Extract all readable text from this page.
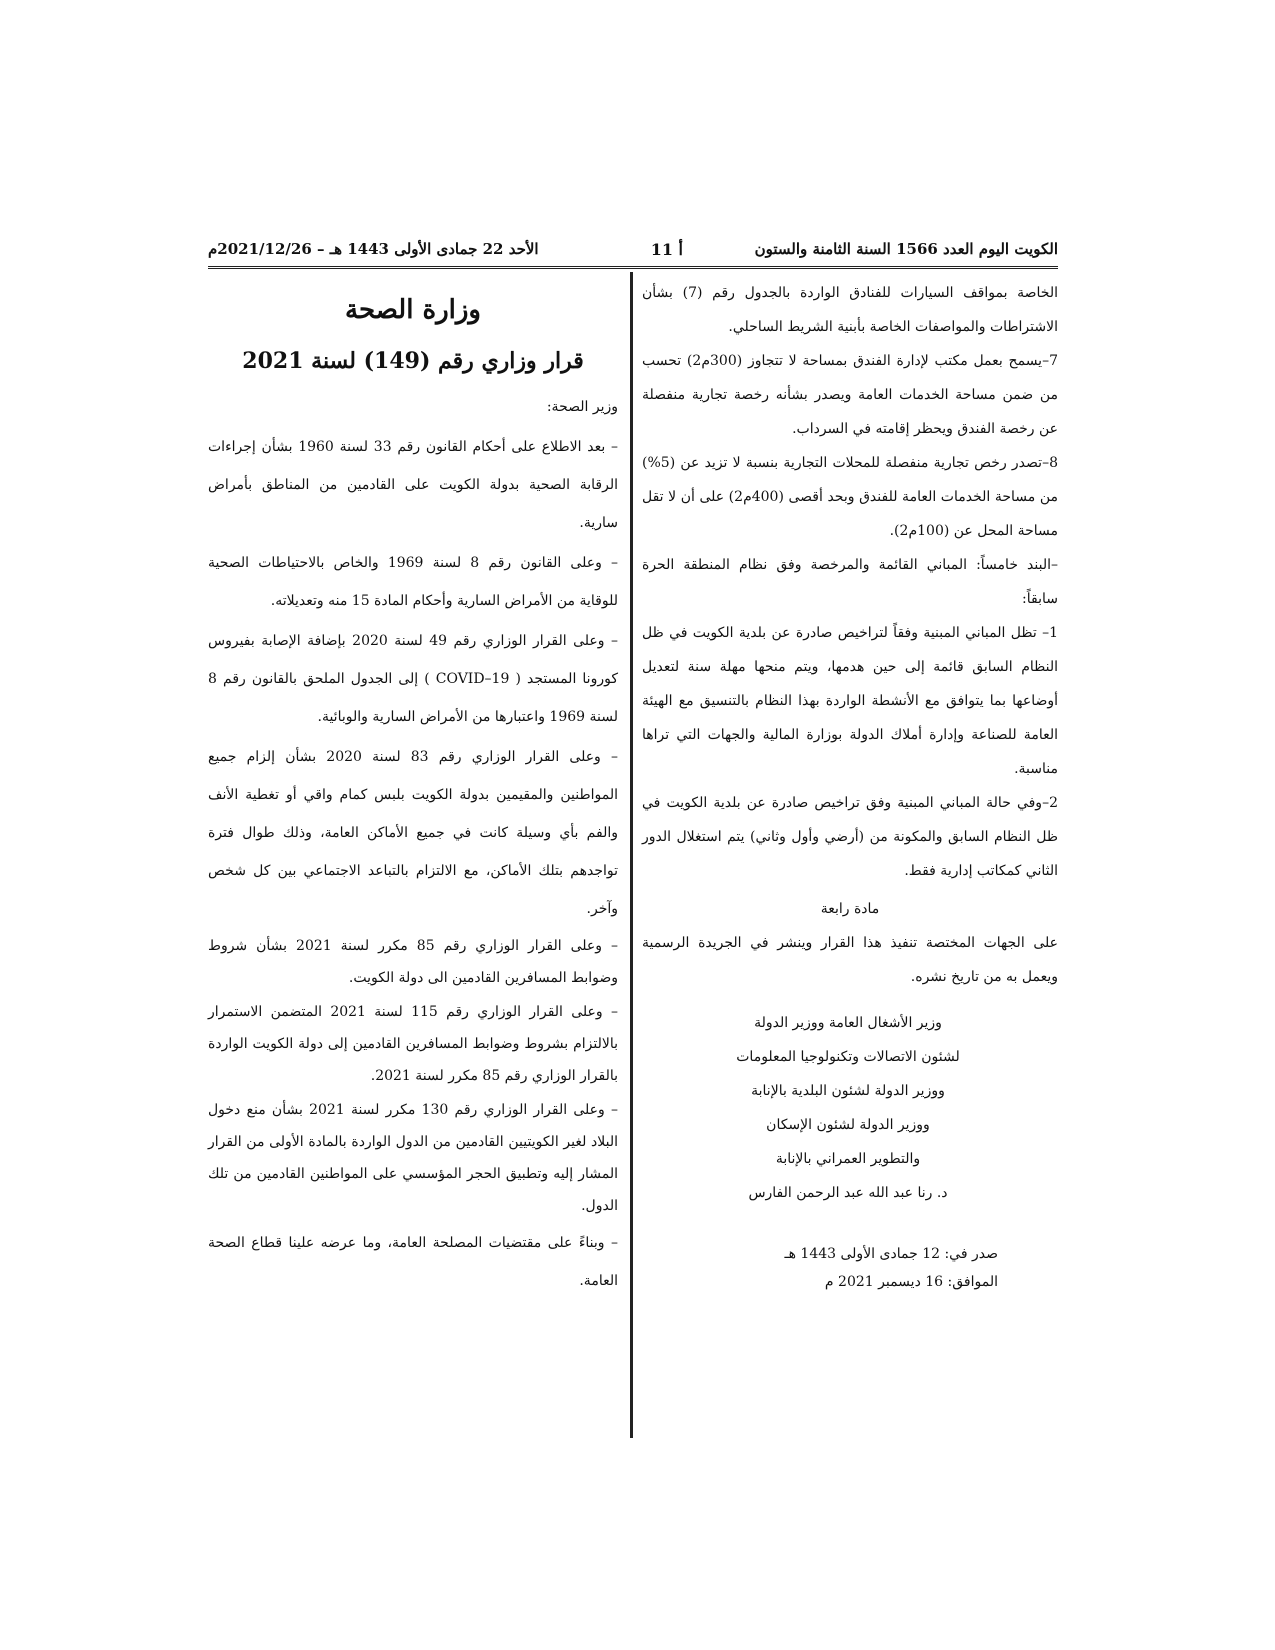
الكويت اليوم العدد 1566 السنة الثامنة والستون
أ 11
الأحد 22 جمادى الأولى 1443 هـ – 2021/12/26م

الخاصة بمواقف السيارات للفنادق الواردة بالجدول رقم (7) بشأن الاشتراطات والمواصفات الخاصة بأبنية الشريط الساحلي.

7–يسمح بعمل مكتب لإدارة الفندق بمساحة لا تتجاوز (300م2) تحسب من ضمن مساحة الخدمات العامة ويصدر بشأنه رخصة تجارية منفصلة عن رخصة الفندق ويحظر إقامته في السرداب.

8–تصدر رخص تجارية منفصلة للمحلات التجارية بنسبة لا تزيد عن (5%) من مساحة الخدمات العامة للفندق وبحد أقصى (400م2) على أن لا تقل مساحة المحل عن (100م2).

–البند خامساً: المباني القائمة والمرخصة وفق نظام المنطقة الحرة سابقاً:

1– تظل المباني المبنية وفقاً لتراخيص صادرة عن بلدية الكويت في ظل النظام السابق قائمة إلى حين هدمها، ويتم منحها مهلة سنة لتعديل أوضاعها بما يتوافق مع الأنشطة الواردة بهذا النظام بالتنسيق مع الهيئة العامة للصناعة وإدارة أملاك الدولة بوزارة المالية والجهات التي تراها مناسبة.

2–وفي حالة المباني المبنية وفق تراخيص صادرة عن بلدية الكويت في ظل النظام السابق والمكونة من (أرضي وأول وثاني) يتم استغلال الدور الثاني كمكاتب إدارية فقط.

مادة رابعة

على الجهات المختصة تنفيذ هذا القرار وينشر في الجريدة الرسمية ويعمل به من تاريخ نشره.

وزير الأشغال العامة ووزير الدولة

لشئون الاتصالات وتكنولوجيا المعلومات

ووزير الدولة لشئون البلدية بالإنابة

ووزير الدولة لشئون الإسكان

والتطوير العمراني بالإنابة

د. رنا عبد الله عبد الرحمن الفارس

صدر في: 12 جمادى الأولى 1443 هـ

الموافق: 16 ديسمبر 2021 م

وزارة الصحة
قرار وزاري رقم (149) لسنة 2021

وزير الصحة:

– بعد الاطلاع على أحكام القانون رقم 33 لسنة 1960 بشأن إجراءات الرقابة الصحية بدولة الكويت على القادمين من المناطق بأمراض سارية.

– وعلى القانون رقم 8 لسنة 1969 والخاص بالاحتياطات الصحية للوقاية من الأمراض السارية وأحكام المادة 15 منه وتعديلاته.

– وعلى القرار الوزاري رقم 49 لسنة 2020 بإضافة الإصابة بفيروس كورونا المستجد ( COVID–19 ) إلى الجدول الملحق بالقانون رقم 8 لسنة 1969 واعتبارها من الأمراض السارية والوبائية.

– وعلى القرار الوزاري رقم 83 لسنة 2020 بشأن إلزام جميع المواطنين والمقيمين بدولة الكويت بلبس كمام واقي أو تغطية الأنف والفم بأي وسيلة كانت في جميع الأماكن العامة، وذلك طوال فترة تواجدهم بتلك الأماكن، مع الالتزام بالتباعد الاجتماعي بين كل شخص وآخر.

– وعلى القرار الوزاري رقم 85 مكرر لسنة 2021 بشأن شروط وضوابط المسافرين القادمين الى دولة الكويت.

– وعلى القرار الوزاري رقم 115 لسنة 2021 المتضمن الاستمرار بالالتزام بشروط وضوابط المسافرين القادمين إلى دولة الكويت الواردة بالقرار الوزاري رقم 85 مكرر لسنة 2021.

– وعلى القرار الوزاري رقم 130 مكرر لسنة 2021 بشأن منع دخول البلاد لغير الكويتيين القادمين من الدول الواردة بالمادة الأولى من القرار المشار إليه وتطبيق الحجر المؤسسي على المواطنين القادمين من تلك الدول.

– وبناءً على مقتضيات المصلحة العامة، وما عرضه علينا قطاع الصحة العامة.
